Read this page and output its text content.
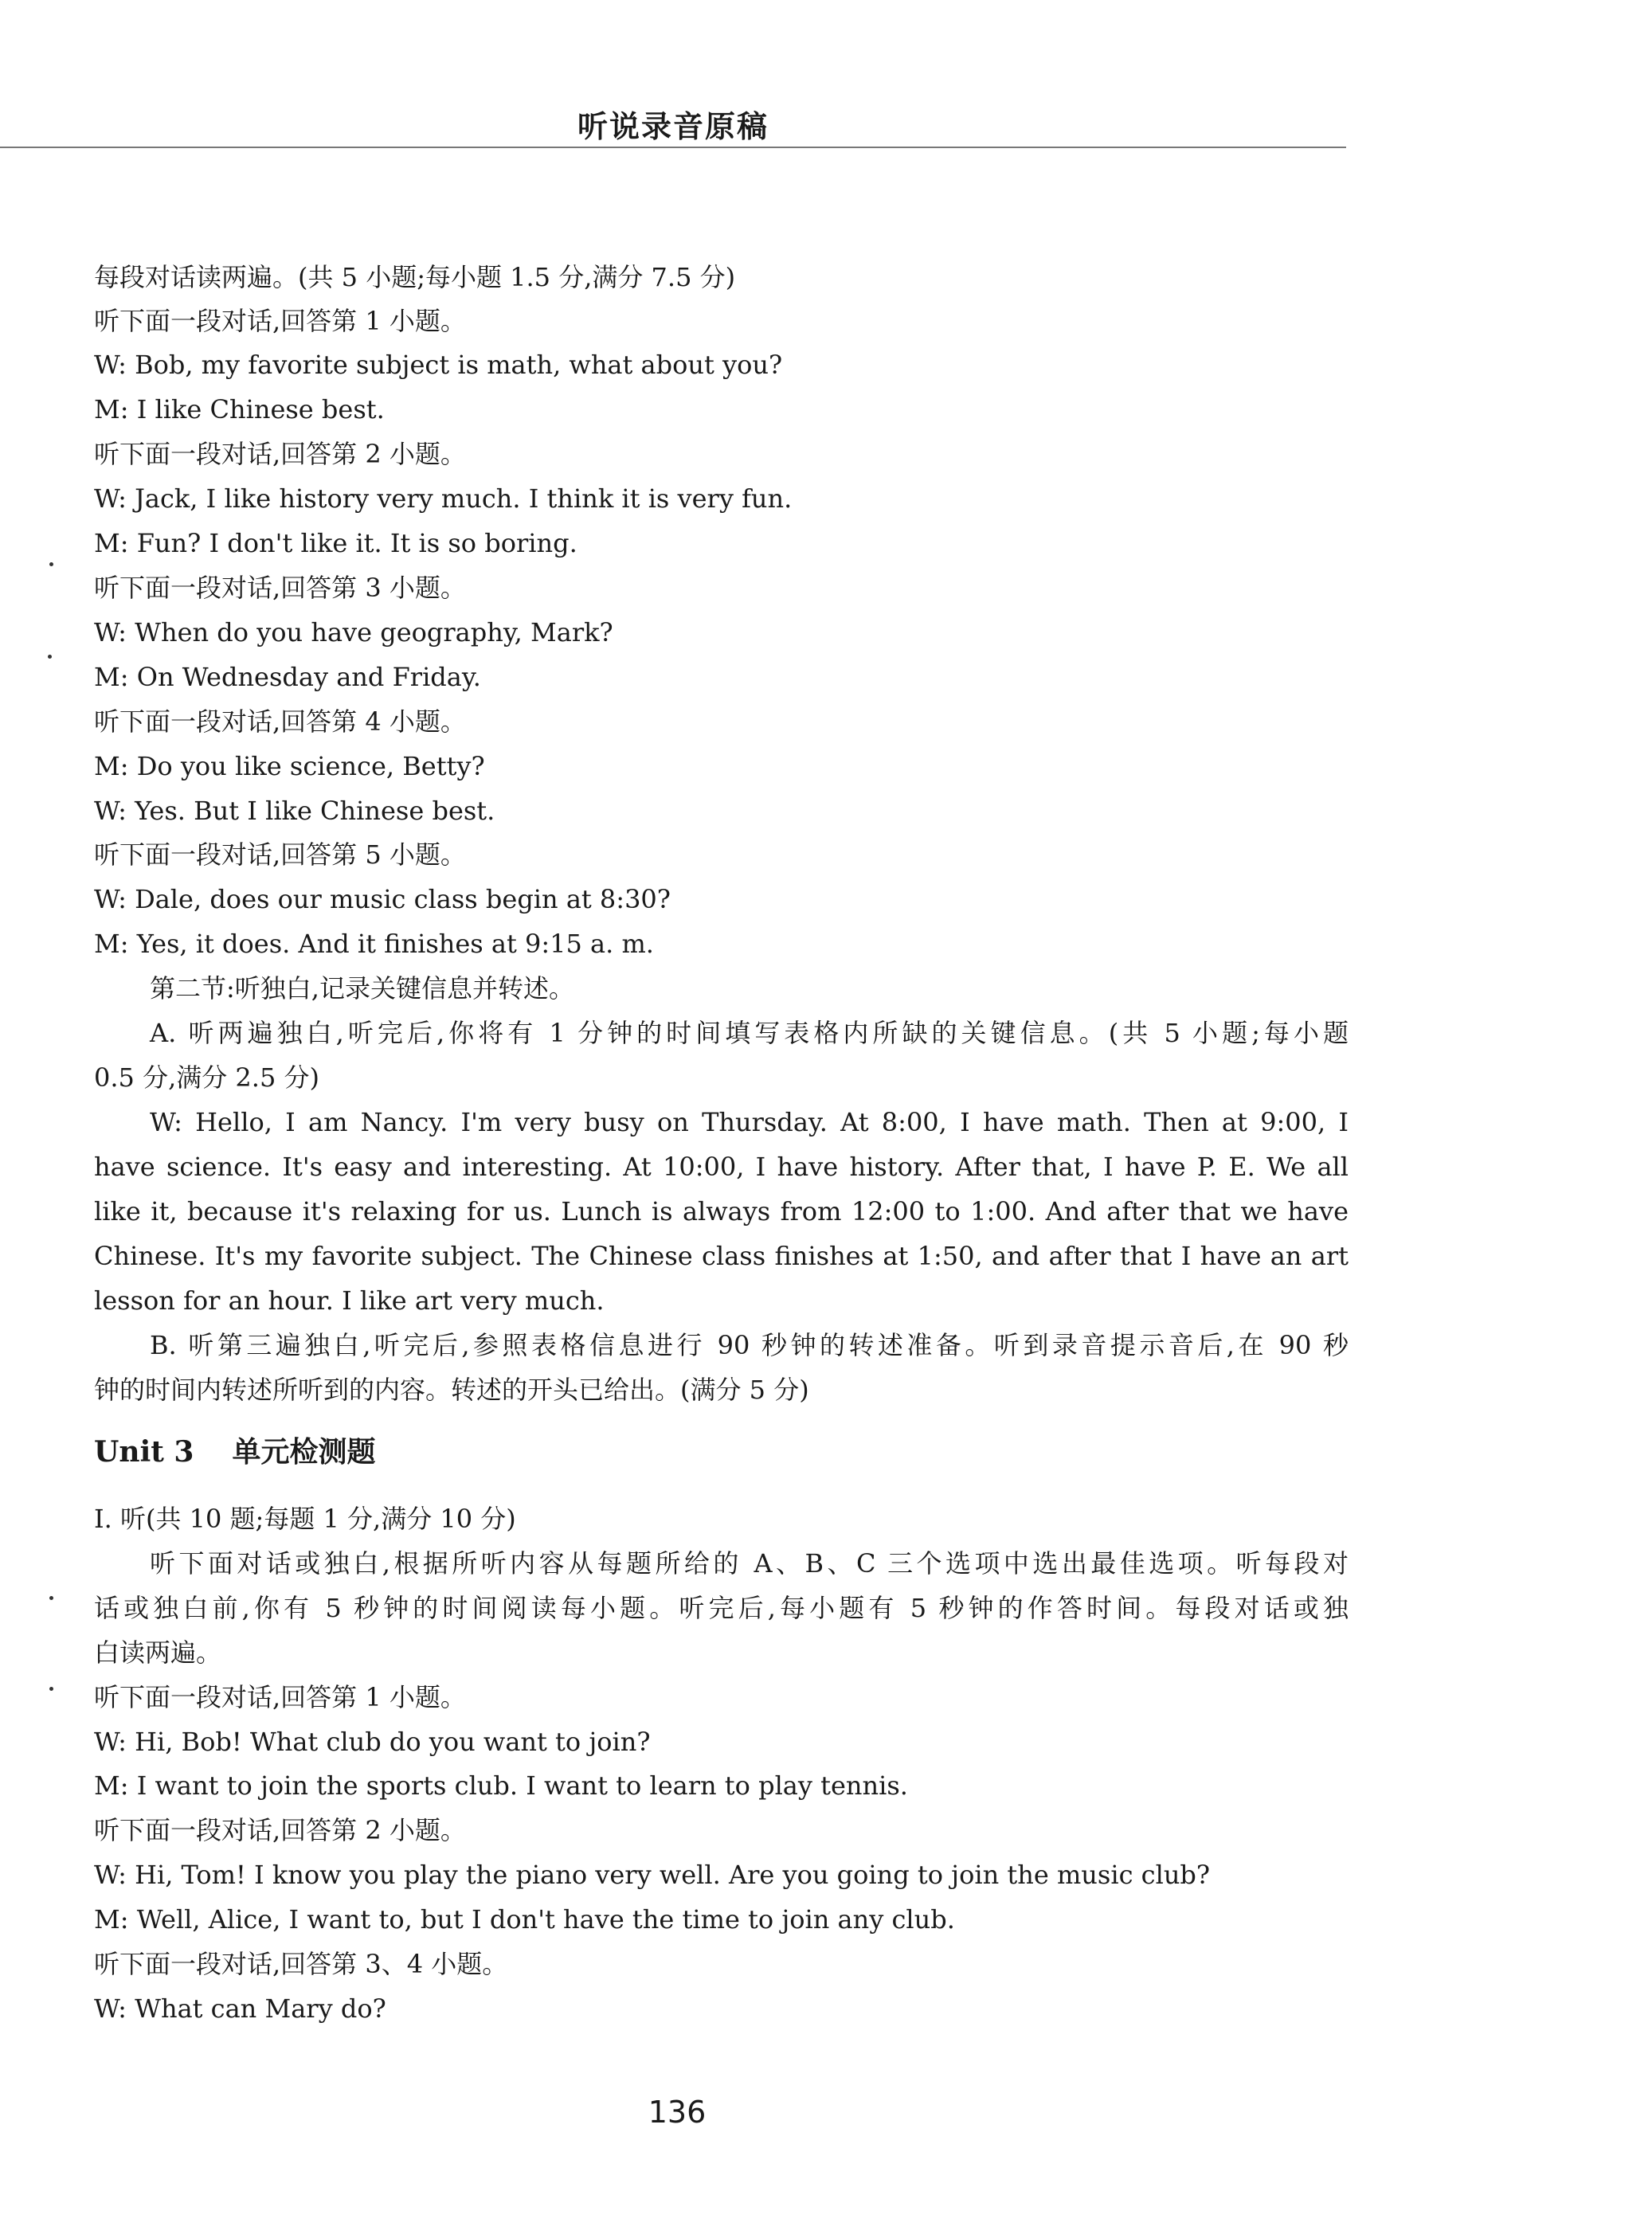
听说录音原稿
每段对话读两遍。(共 5 小题;每小题 1.5 分,满分 7.5 分)
听下面一段对话,回答第 1 小题。
W: Bob, my favorite subject is math, what about you?
M: I like Chinese best.
听下面一段对话,回答第 2 小题。
W: Jack, I like history very much. I think it is very fun.
M: Fun? I don't like it. It is so boring.
听下面一段对话,回答第 3 小题。
W: When do you have geography, Mark?
M: On Wednesday and Friday.
听下面一段对话,回答第 4 小题。
M: Do you like science, Betty?
W: Yes. But I like Chinese best.
听下面一段对话,回答第 5 小题。
W: Dale, does our music class begin at 8:30?
M: Yes, it does. And it finishes at 9:15 a. m.
第二节:听独白,记录关键信息并转述。
A. 听两遍独白,听完后,你将有 1 分钟的时间填写表格内所缺的关键信息。(共 5 小题;每小题
0.5 分,满分 2.5 分)
W: Hello, I am Nancy. I'm very busy on Thursday. At 8:00, I have math. Then at 9:00, I
have science. It's easy and interesting. At 10:00, I have history. After that, I have P. E. We all
like it, because it's relaxing for us. Lunch is always from 12:00 to 1:00. And after that we have
Chinese. It's my favorite subject. The Chinese class finishes at 1:50, and after that I have an art
lesson for an hour. I like art very much.
B. 听第三遍独白,听完后,参照表格信息进行 90 秒钟的转述准备。听到录音提示音后,在 90 秒
钟的时间内转述所听到的内容。转述的开头已给出。(满分 5 分)
Unit 3 单元检测题
Ⅰ. 听(共 10 题;每题 1 分,满分 10 分)
听下面对话或独白,根据所听内容从每题所给的 A、B、C 三个选项中选出最佳选项。听每段对
话或独白前,你有 5 秒钟的时间阅读每小题。听完后,每小题有 5 秒钟的作答时间。每段对话或独
白读两遍。
听下面一段对话,回答第 1 小题。
W: Hi, Bob! What club do you want to join?
M: I want to join the sports club. I want to learn to play tennis.
听下面一段对话,回答第 2 小题。
W: Hi, Tom! I know you play the piano very well. Are you going to join the music club?
M: Well, Alice, I want to, but I don't have the time to join any club.
听下面一段对话,回答第 3、4 小题。
W: What can Mary do?
136
